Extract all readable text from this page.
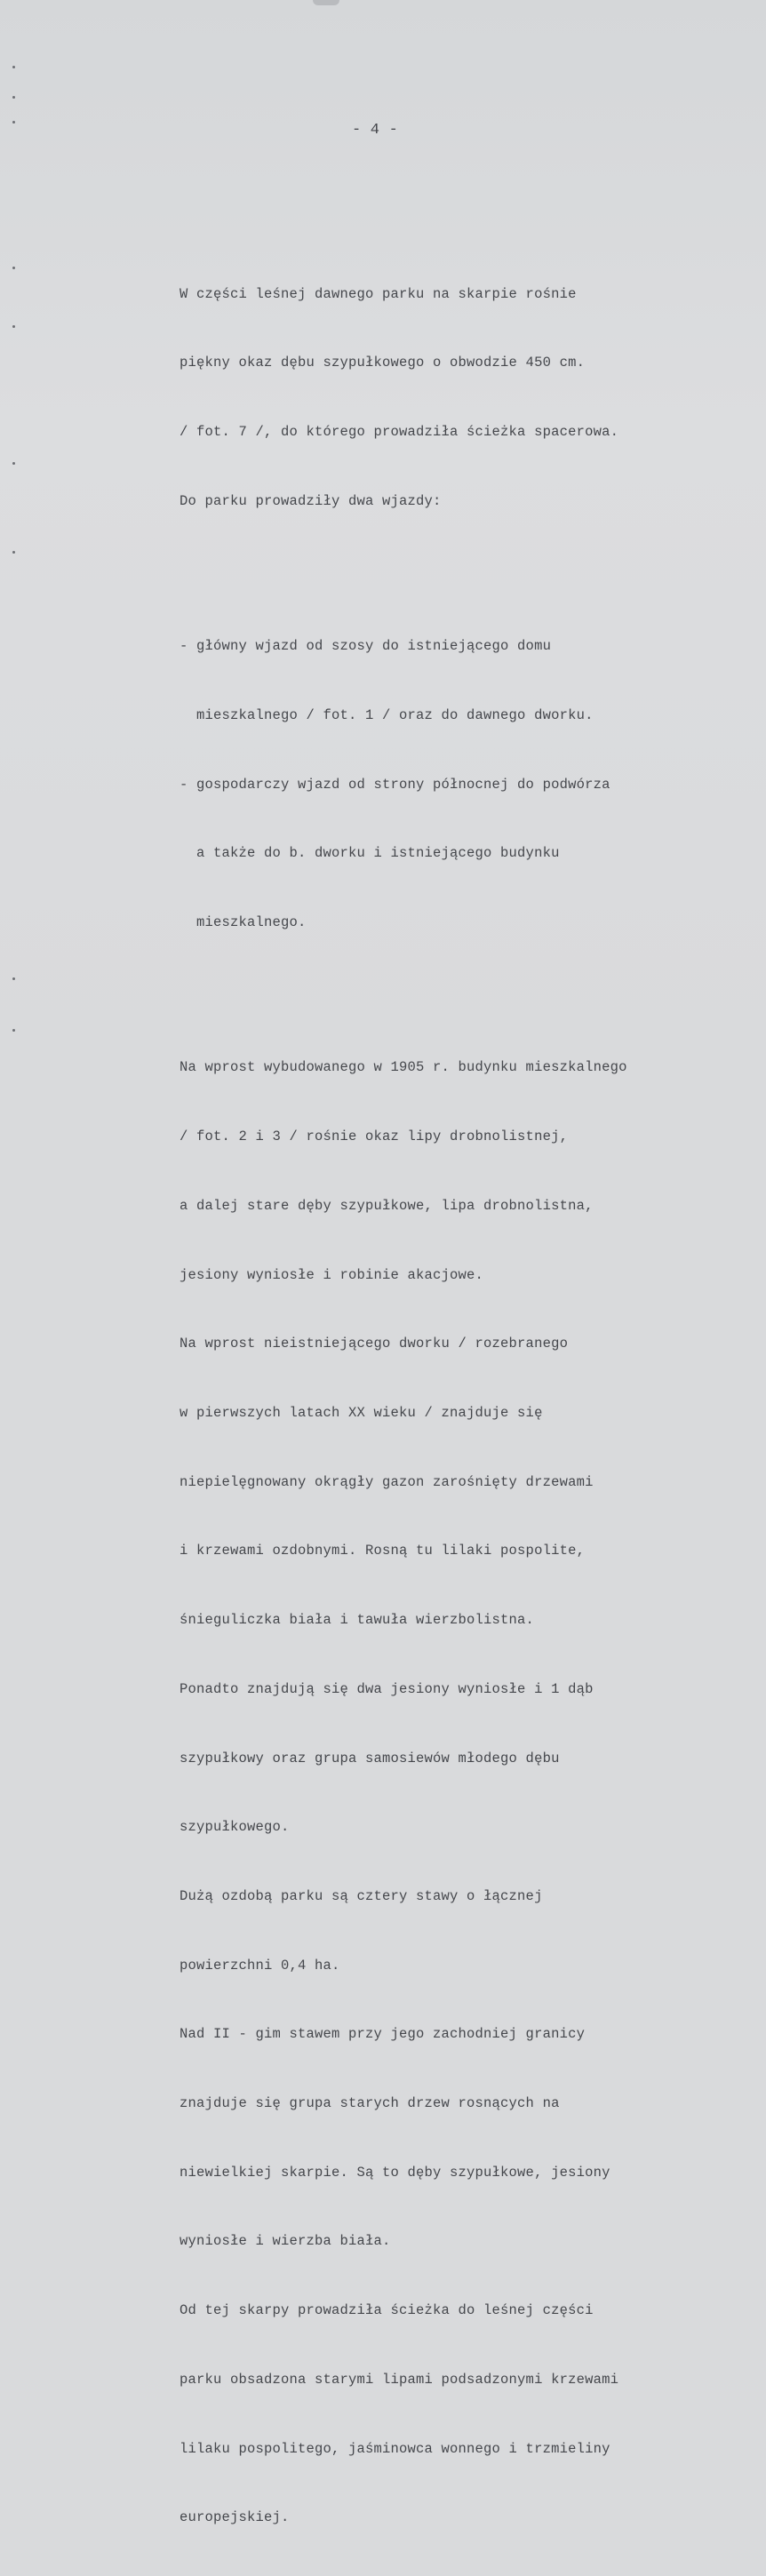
- 4 -

W części leśnej dawnego parku na skarpie rośnie

piękny okaz dębu szypułkowego o obwodzie 450 cm.

/ fot. 7 /, do którego prowadziła ścieżka spacerowa.

Do parku prowadziły dwa wjazdy:

- główny wjazd od szosy do istniejącego domu

mieszkalnego / fot. 1 / oraz do dawnego dworku.

- gospodarczy wjazd od strony północnej do podwórza

a także do b. dworku i istniejącego budynku

mieszkalnego.

Na wprost wybudowanego w 1905 r. budynku mieszkalnego

/ fot. 2 i 3 / rośnie okaz lipy drobnolistnej,

a dalej stare dęby szypułkowe, lipa drobnolistna,

jesiony wyniosłe i robinie akacjowe.

Na wprost nieistniejącego dworku / rozebranego

w pierwszych latach XX wieku / znajduje się

niepielęgnowany okrągły gazon zarośnięty drzewami

i krzewami ozdobnymi. Rosną tu lilaki pospolite,

śnieguliczka biała i tawuła wierzbolistna.

Ponadto znajdują się dwa jesiony wyniosłe i 1 dąb

szypułkowy oraz grupa samosiewów młodego dębu

szypułkowego.

Dużą ozdobą parku są cztery stawy o łącznej

powierzchni 0,4 ha.

Nad II - gim stawem przy jego zachodniej granicy

znajduje się grupa starych drzew rosnących na

niewielkiej skarpie. Są to dęby szypułkowe, jesiony

wyniosłe i wierzba biała.

Od tej skarpy prowadziła ścieżka do leśnej części

parku obsadzona starymi lipami podsadzonymi krzewami

lilaku pospolitego, jaśminowca wonnego i trzmieliny

europejskiej.
